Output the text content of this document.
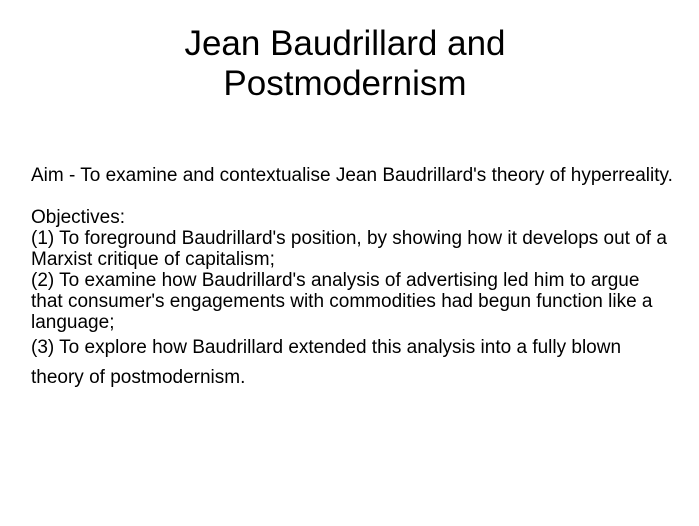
Jean Baudrillard and
Postmodernism

Aim - To examine and contextualise Jean Baudrillard's theory of hyperreality.

Objectives:

(1) To foreground Baudrillard's position, by showing how it develops out of a Marxist critique of capitalism;

(2) To examine how Baudrillard's analysis of advertising led him to argue that consumer's engagements with commodities had begun function like a language;

(3) To explore how Baudrillard extended this analysis into a fully blown theory of postmodernism.
